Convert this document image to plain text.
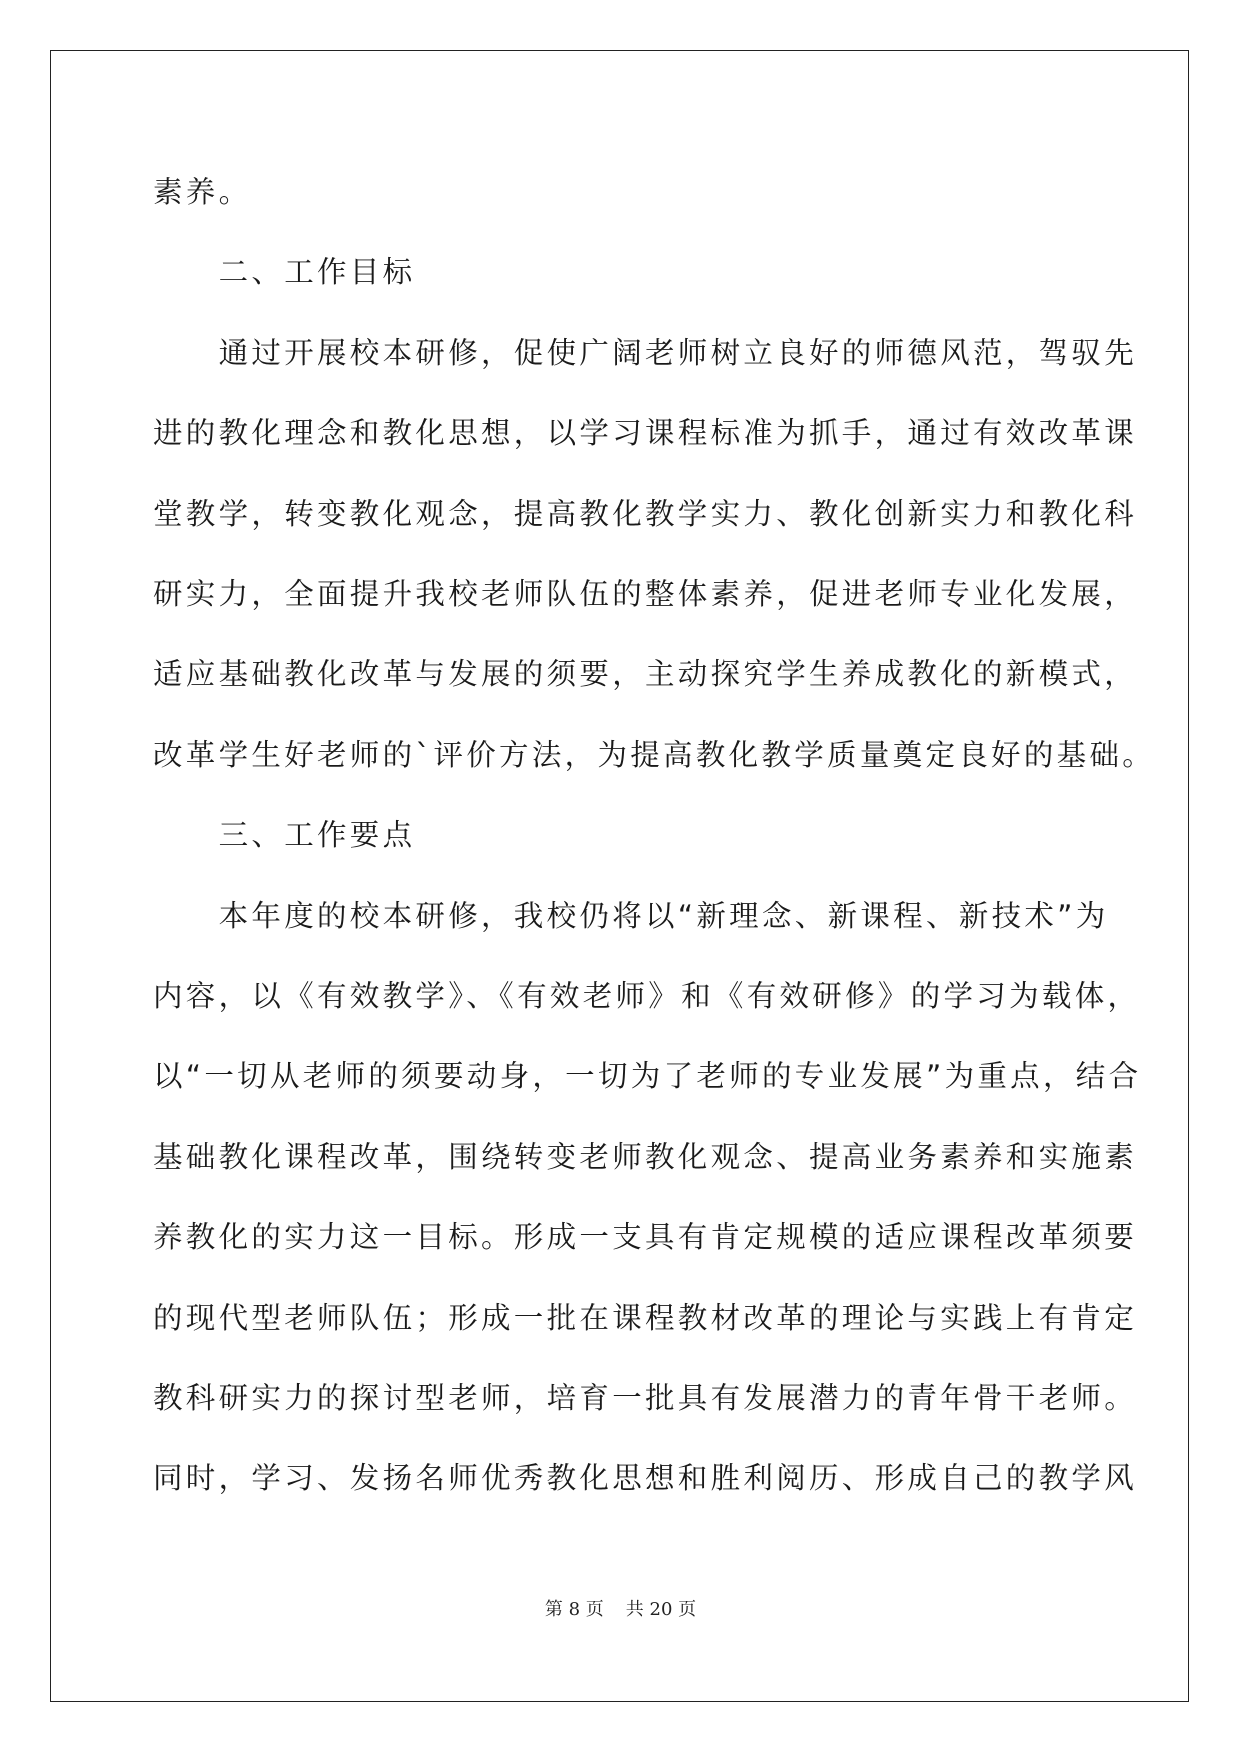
素养。
　　二、工作目标
　　通过开展校本研修，促使广阔老师树立良好的师德风范，驾驭先
进的教化理念和教化思想，以学习课程标准为抓手，通过有效改革课
堂教学，转变教化观念，提高教化教学实力、教化创新实力和教化科
研实力，全面提升我校老师队伍的整体素养，促进老师专业化发展，
适应基础教化改革与发展的须要，主动探究学生养成教化的新模式，
改革学生好老师的`评价方法，为提高教化教学质量奠定良好的基础。
　　三、工作要点
　　本年度的校本研修，我校仍将以“新理念、新课程、新技术”为
内容，以《有效教学》、《有效老师》和《有效研修》的学习为载体，
以“一切从老师的须要动身，一切为了老师的专业发展”为重点，结合
基础教化课程改革，围绕转变老师教化观念、提高业务素养和实施素
养教化的实力这一目标。形成一支具有肯定规模的适应课程改革须要
的现代型老师队伍；形成一批在课程教材改革的理论与实践上有肯定
教科研实力的探讨型老师，培育一批具有发展潜力的青年骨干老师。
同时，学习、发扬名师优秀教化思想和胜利阅历、形成自己的教学风
第 8 页 共 20 页
